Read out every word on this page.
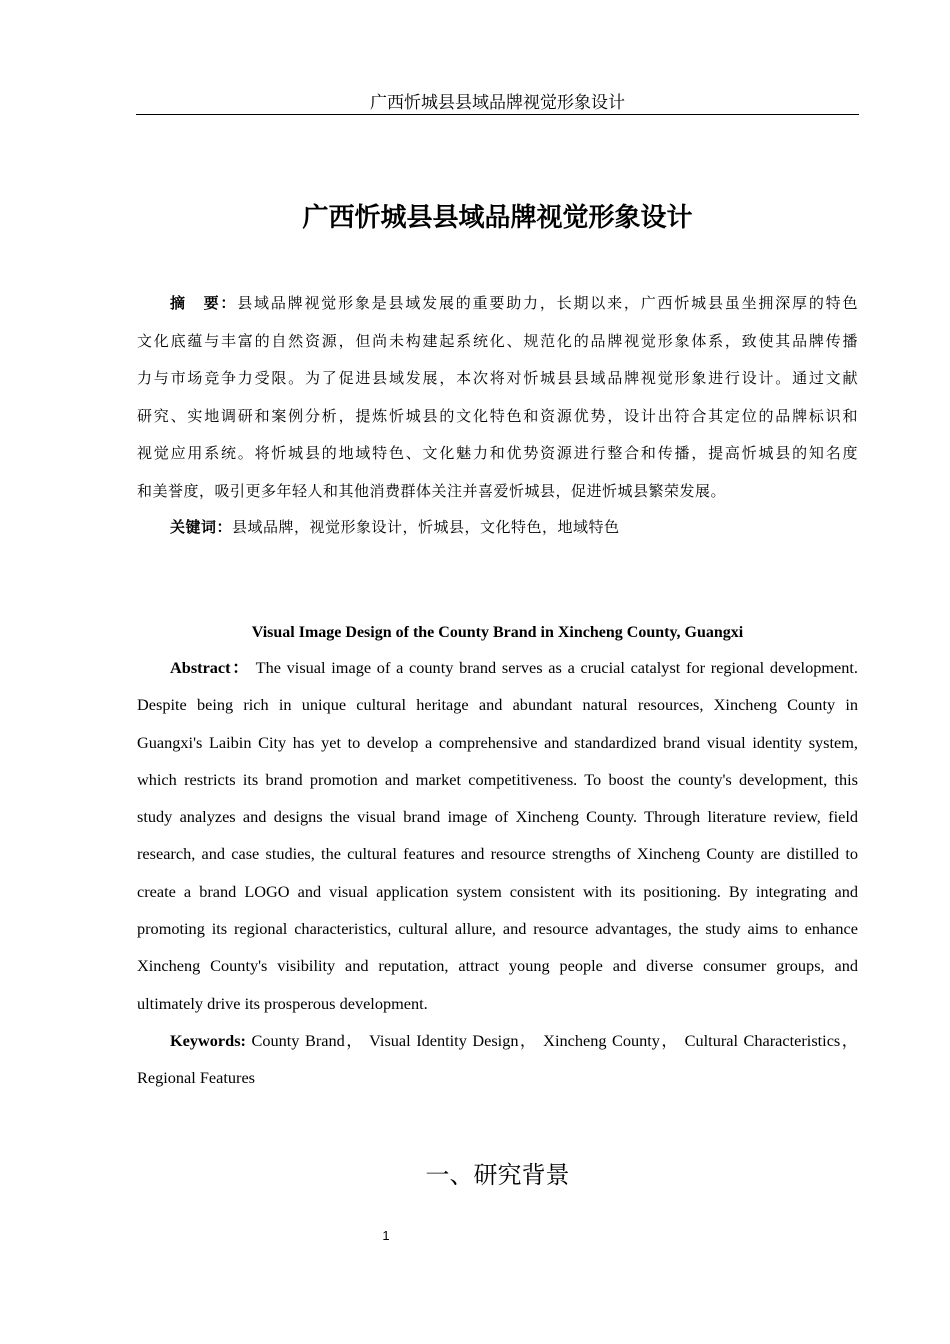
广西忻城县县域品牌视觉形象设计
广西忻城县县域品牌视觉形象设计
摘　要：县域品牌视觉形象是县域发展的重要助力，长期以来，广西忻城县虽坐拥深厚的特色
文化底蕴与丰富的自然资源，但尚未构建起系统化、规范化的品牌视觉形象体系，致使其品牌传播
力与市场竞争力受限。为了促进县域发展，本次将对忻城县县域品牌视觉形象进行设计。通过文献
研究、实地调研和案例分析，提炼忻城县的文化特色和资源优势，设计出符合其定位的品牌标识和
视觉应用系统。将忻城县的地域特色、文化魅力和优势资源进行整合和传播，提高忻城县的知名度
和美誉度，吸引更多年轻人和其他消费群体关注并喜爱忻城县，促进忻城县繁荣发展。
关键词：县域品牌，视觉形象设计，忻城县，文化特色，地域特色
Visual Image Design of the County Brand in Xincheng County, Guangxi
Abstract： The visual image of a county brand serves as a crucial catalyst for regional development.
Despite being rich in unique cultural heritage and abundant natural resources, Xincheng County in
Guangxi's Laibin City has yet to develop a comprehensive and standardized brand visual identity system,
which restricts its brand promotion and market competitiveness. To boost the county's development, this
study analyzes and designs the visual brand image of Xincheng County. Through literature review, field
research, and case studies, the cultural features and resource strengths of Xincheng County are distilled to
create a brand LOGO and visual application system consistent with its positioning. By integrating and
promoting its regional characteristics, cultural allure, and resource advantages, the study aims to enhance
Xincheng County's visibility and reputation, attract young people and diverse consumer groups, and
ultimately drive its prosperous development.
Keywords: County Brand， Visual Identity Design， Xincheng County， Cultural Characteristics，
Regional Features
一、研究背景
1
